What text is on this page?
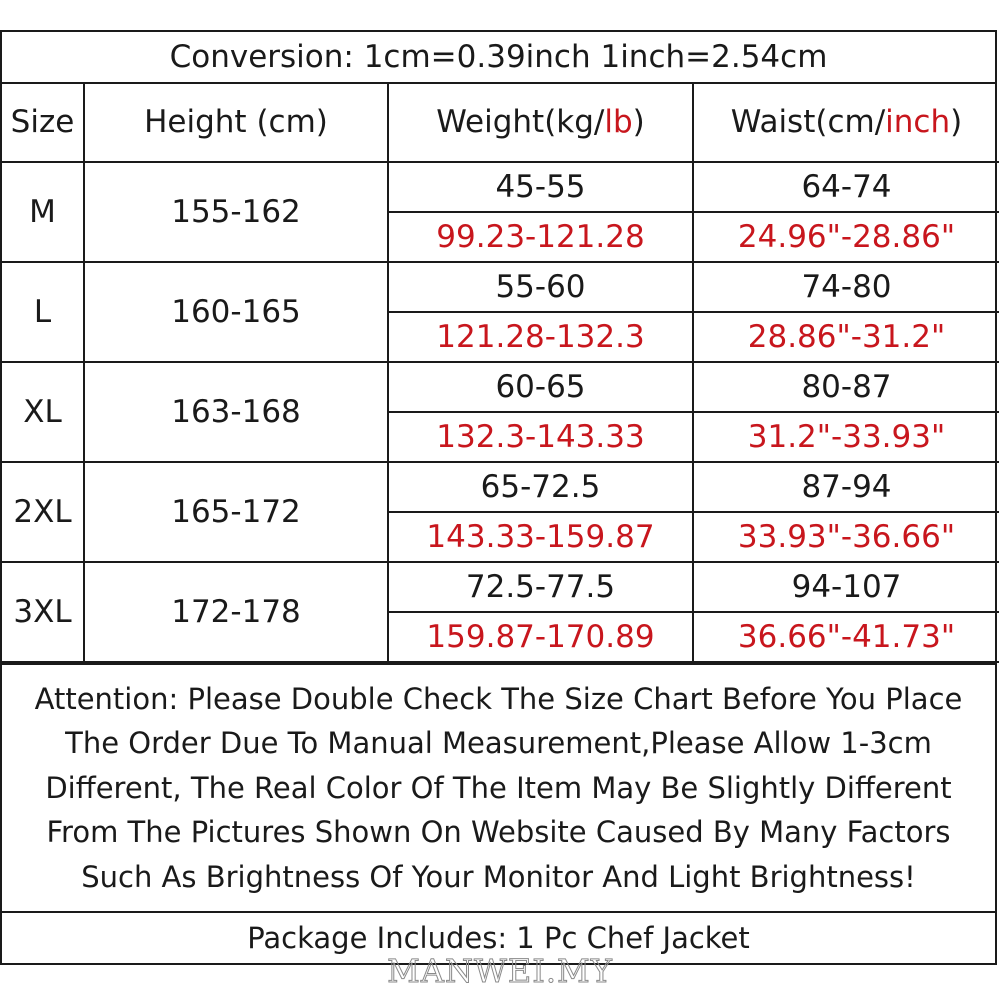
Conversion: 1cm=0.39inch 1inch=2.54cm
Size	Height (cm)	Weight(kg/lb)	Waist(cm/inch)
M	155-162	45-55	64-74
		99.23-121.28	24.96"-28.86"
L	160-165	55-60	74-80
		121.28-132.3	28.86"-31.2"
XL	163-168	60-65	80-87
		132.3-143.33	31.2"-33.93"
2XL	165-172	65-72.5	87-94
		143.33-159.87	33.93"-36.66"
3XL	172-178	72.5-77.5	94-107
		159.87-170.89	36.66"-41.73"
Attention: Please Double Check The Size Chart Before You Place
The Order Due To Manual Measurement,Please Allow 1-3cm
Different, The Real Color Of The Item May Be Slightly Different
From The Pictures Shown On Website Caused By Many Factors
Such As Brightness Of Your Monitor And Light Brightness!
Package Includes: 1 Pc Chef Jacket
MANWEI.MY
